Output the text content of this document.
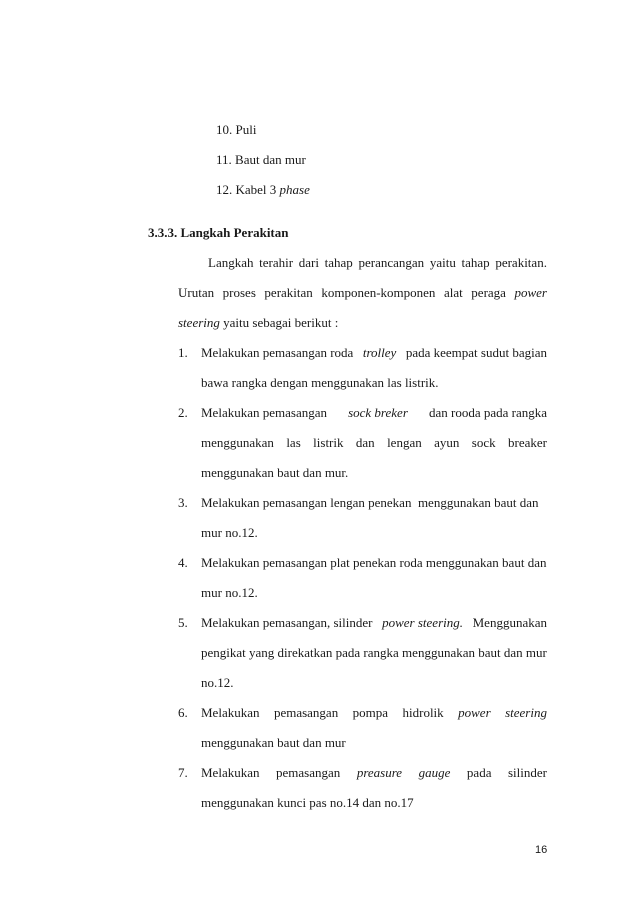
10. Puli
11. Baut dan mur
12. Kabel 3 phase
3.3.3. Langkah Perakitan
Langkah terahir dari tahap perancangan yaitu tahap perakitan.
Urutan proses perakitan komponen-komponen alat peraga power
steering yaitu sebagai berikut :
1. Melakukan pemasangan roda trolley pada keempat sudut bagian
bawa rangka dengan menggunakan las listrik.
2. Melakukan pemasangan sock breker dan rooda pada rangka
menggunakan las listrik dan lengan ayun sock breaker
menggunakan baut dan mur.
3. Melakukan pemasangan lengan penekan  menggunakan baut dan
mur no.12.
4. Melakukan pemasangan plat penekan roda menggunakan baut dan
mur no.12.
5. Melakukan pemasangan, silinder power steering. Menggunakan
pengikat yang direkatkan pada rangka menggunakan baut dan mur
no.12.
6. Melakukan pemasangan pompa hidrolik power steering
menggunakan baut dan mur
7. Melakukan pemasangan preasure gauge pada silinder
menggunakan kunci pas no.14 dan no.17
16
